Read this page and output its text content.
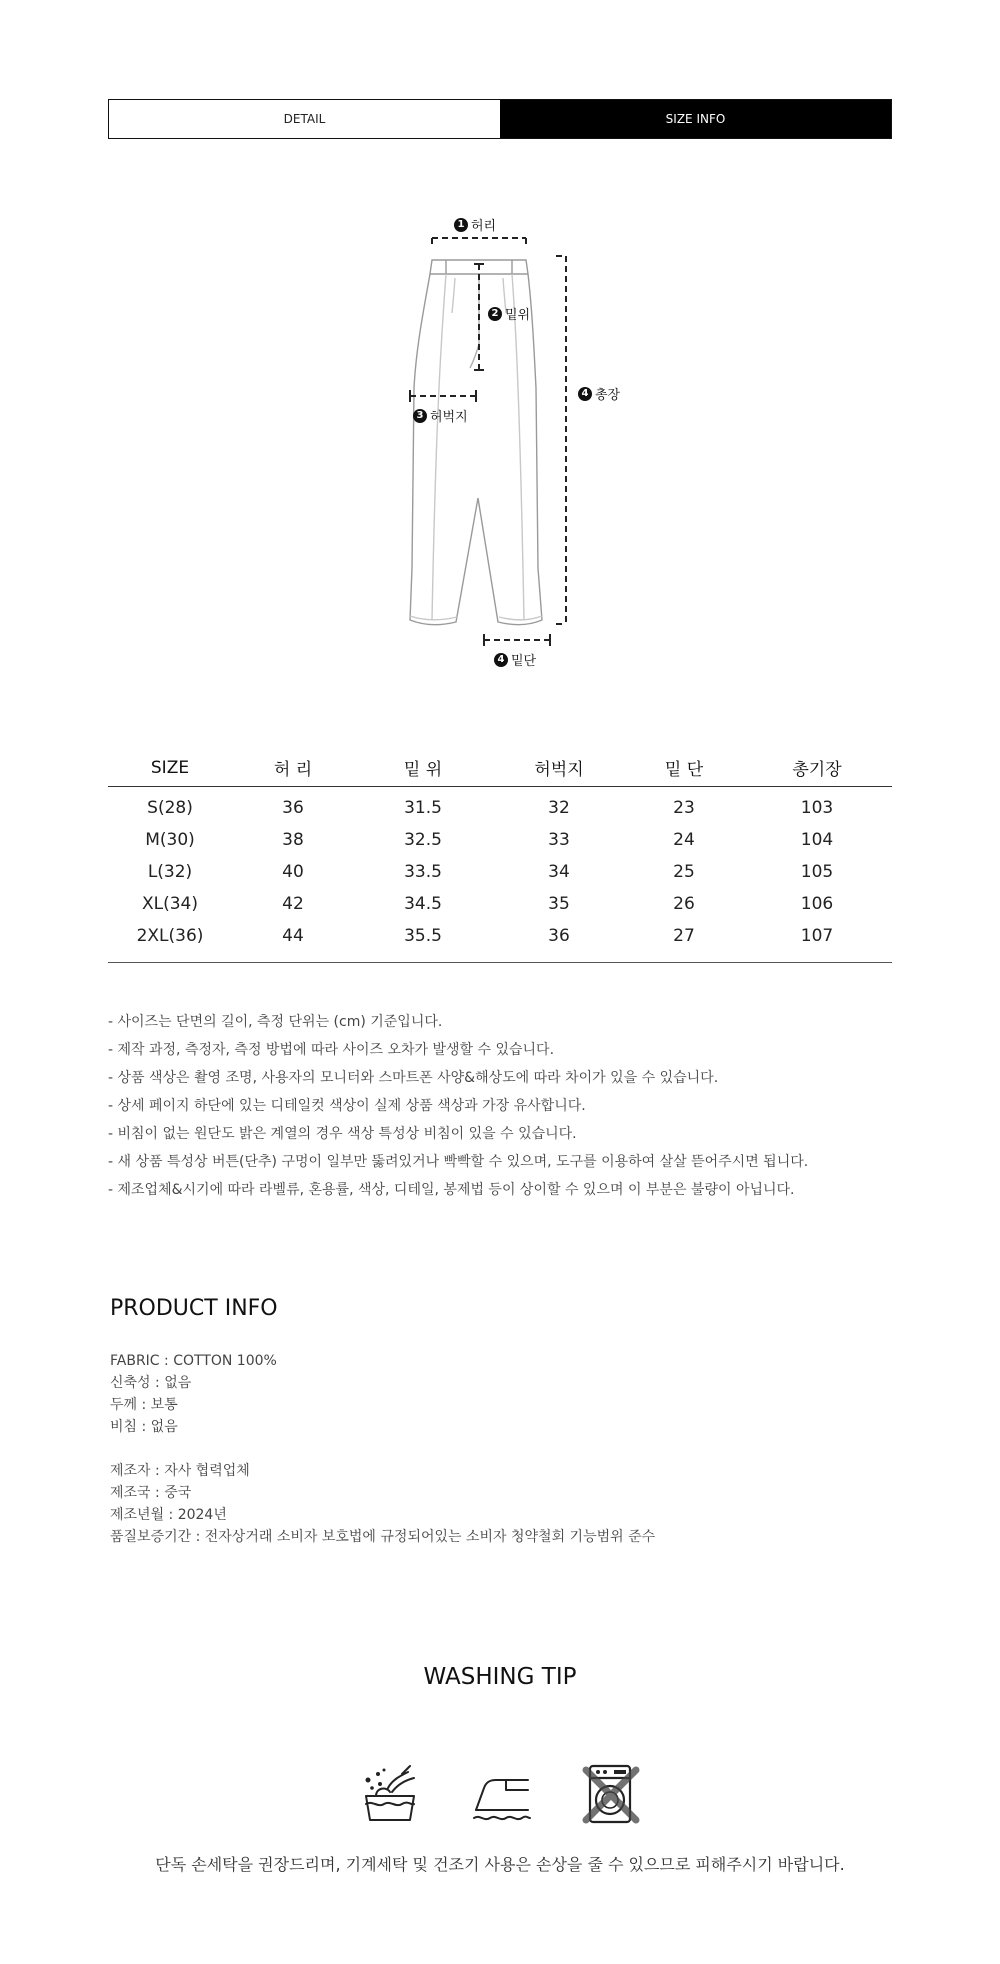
DETAIL	SIZE INFO
1 허리
2 밑위
3 허벅지
4 총장
4 밑단
SIZE	허 리	밑 위	허벅지	밑 단	총기장
S(28)	36	31.5	32	23	103
M(30)	38	32.5	33	24	104
L(32)	40	33.5	34	25	105
XL(34)	42	34.5	35	26	106
2XL(36)	44	35.5	36	27	107
- 사이즈는 단면의 길이, 측정 단위는 (cm) 기준입니다.
- 제작 과정, 측정자, 측정 방법에 따라 사이즈 오차가 발생할 수 있습니다.
- 상품 색상은 촬영 조명, 사용자의 모니터와 스마트폰 사양&해상도에 따라 차이가 있을 수 있습니다.
- 상세 페이지 하단에 있는 디테일컷 색상이 실제 상품 색상과 가장 유사합니다.
- 비침이 없는 원단도 밝은 계열의 경우 색상 특성상 비침이 있을 수 있습니다.
- 새 상품 특성상 버튼(단추) 구멍이 일부만 뚫려있거나 빡빡할 수 있으며, 도구를 이용하여 살살 뜯어주시면 됩니다.
- 제조업체&시기에 따라 라벨류, 혼용률, 색상, 디테일, 봉제법 등이 상이할 수 있으며 이 부분은 불량이 아닙니다.
PRODUCT INFO
FABRIC : COTTON 100%
신축성 : 없음
두께 : 보통
비침 : 없음
제조자 : 자사 협력업체
제조국 : 중국
제조년월 : 2024년
품질보증기간 : 전자상거래 소비자 보호법에 규정되어있는 소비자 청약철회 기능범위 준수
WASHING TIP
단독 손세탁을 권장드리며, 기계세탁 및 건조기 사용은 손상을 줄 수 있으므로 피해주시기 바랍니다.
